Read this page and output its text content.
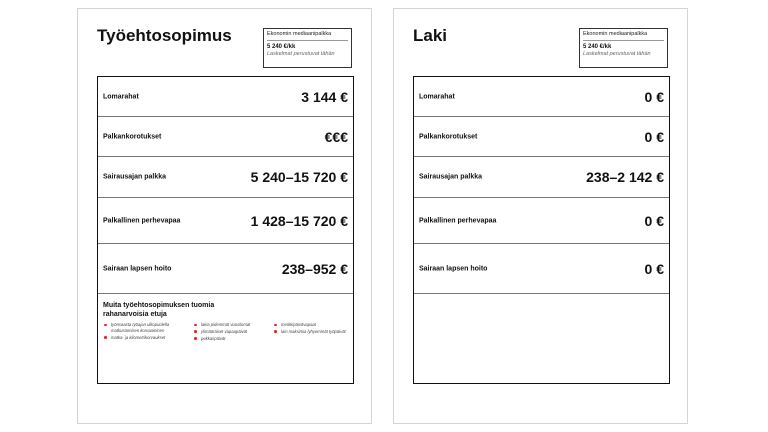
Työehtosopimus	Ekonomin mediaanipalkka
5 240 €/kk
Laskelmat perustuvat tähän
Lomarahat	3 144 €
Palkankorotukset	€€€
Sairausajan palkka	5 240–15 720 €
Palkallinen perhevapaa	1 428–15 720 €
Sairaan lapsen hoito	238–952 €
Muita työehtosopimuksen tuomia rahanarvoisia etuja
työnsaasta työajan ulkopuolella matkustamisen korvaaminen
matka- ja kilometrikorvaukset
lakia pidemmät vuosilomat
ylimääräiset vapaapäivät
pekkaspäivät
merkkipäivävapaat
lain maksimia lyhyemmät työpäivät
Laki	Ekonomin mediaanipalkka
5 240 €/kk
Laskelmat perustuvat tähän
Lomarahat	0 €
Palkankorotukset	0 €
Sairausajan palkka	238–2 142 €
Palkallinen perhevapaa	0 €
Sairaan lapsen hoito	0 €
